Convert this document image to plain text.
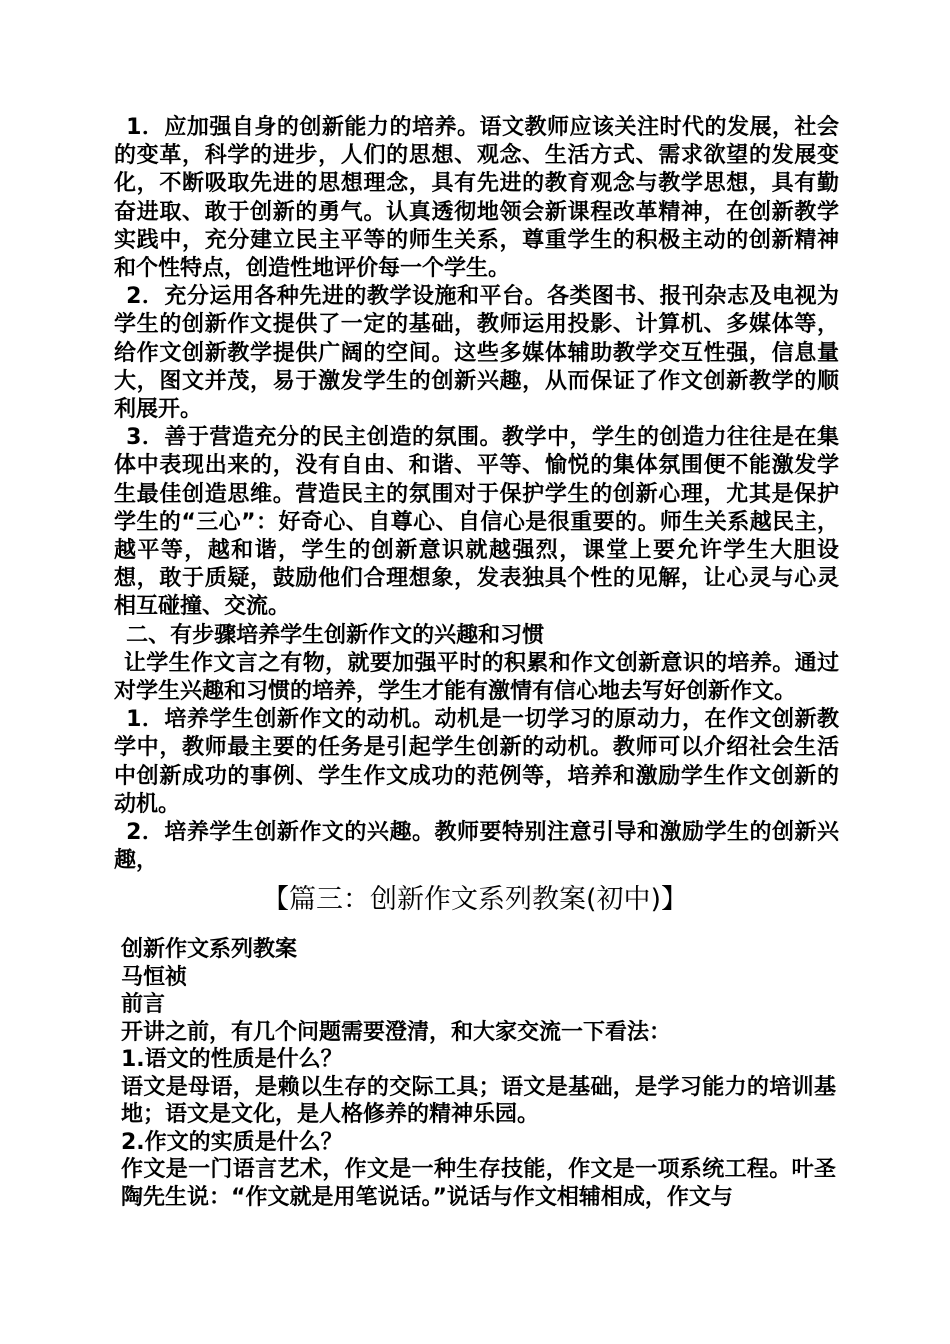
1．应加强自身的创新能力的培养。语文教师应该关注时代的发展，社会的变革，科学的进步，人们的思想、观念、生活方式、需求欲望的发展变化，不断吸取先进的思想理念，具有先进的教育观念与教学思想，具有勤奋进取、敢于创新的勇气。认真透彻地领会新课程改革精神，在创新教学实践中，充分建立民主平等的师生关系，尊重学生的积极主动的创新精神和个性特点，创造性地评价每一个学生。

2．充分运用各种先进的教学设施和平台。各类图书、报刊杂志及电视为学生的创新作文提供了一定的基础，教师运用投影、计算机、多媒体等，给作文创新教学提供广阔的空间。这些多媒体辅助教学交互性强，信息量大，图文并茂，易于激发学生的创新兴趣，从而保证了作文创新教学的顺利展开。

3．善于营造充分的民主创造的氛围。教学中，学生的创造力往往是在集体中表现出来的，没有自由、和谐、平等、愉悦的集体氛围便不能激发学生最佳创造思维。营造民主的氛围对于保护学生的创新心理，尤其是保护学生的“三心”：好奇心、自尊心、自信心是很重要的。师生关系越民主，越平等，越和谐，学生的创新意识就越强烈，课堂上要允许学生大胆设想，敢于质疑，鼓励他们合理想象，发表独具个性的见解，让心灵与心灵相互碰撞、交流。

二、有步骤培养学生创新作文的兴趣和习惯

让学生作文言之有物，就要加强平时的积累和作文创新意识的培养。通过对学生兴趣和习惯的培养，学生才能有激情有信心地去写好创新作文。

1．培养学生创新作文的动机。动机是一切学习的原动力，在作文创新教学中，教师最主要的任务是引起学生创新的动机。教师可以介绍社会生活中创新成功的事例、学生作文成功的范例等，培养和激励学生作文创新的动机。

2．培养学生创新作文的兴趣。教师要特别注意引导和激励学生的创新兴趣，

【篇三：创新作文系列教案(初中)】

创新作文系列教案

马恒祯

前言

开讲之前，有几个问题需要澄清，和大家交流一下看法：

1.语文的性质是什么？

语文是母语，是赖以生存的交际工具；语文是基础，是学习能力的培训基地；语文是文化，是人格修养的精神乐园。

2.作文的实质是什么？

作文是一门语言艺术，作文是一种生存技能，作文是一项系统工程。叶圣陶先生说：“作文就是用笔说话。”说话与作文相辅相成，作文与
